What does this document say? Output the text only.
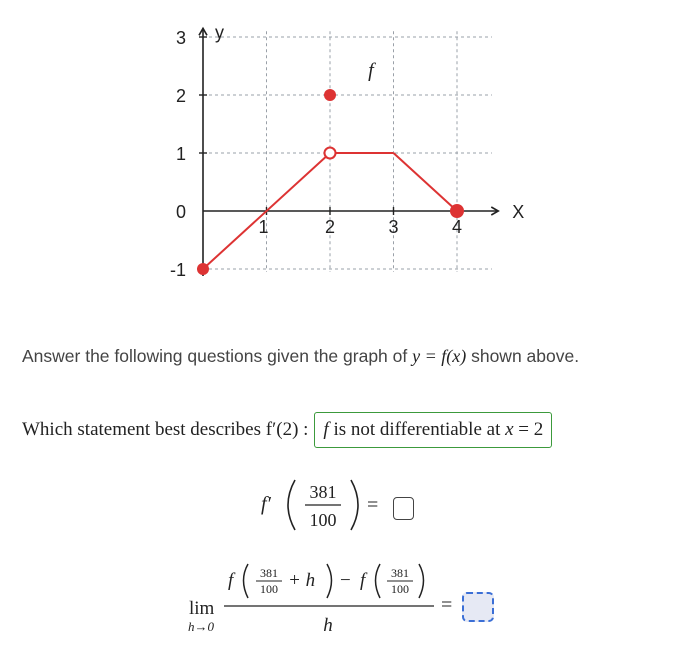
3
2
1
0
-1
1	2	3	4
X
y
f
Answer the following questions given the graph of y = f(x) shown above.
Which statement best describes f′(2) : f is not differentiable at x = 2
f′
381
100
=
lim
h→0
f 381
100 + h − f 381
100
h
=
